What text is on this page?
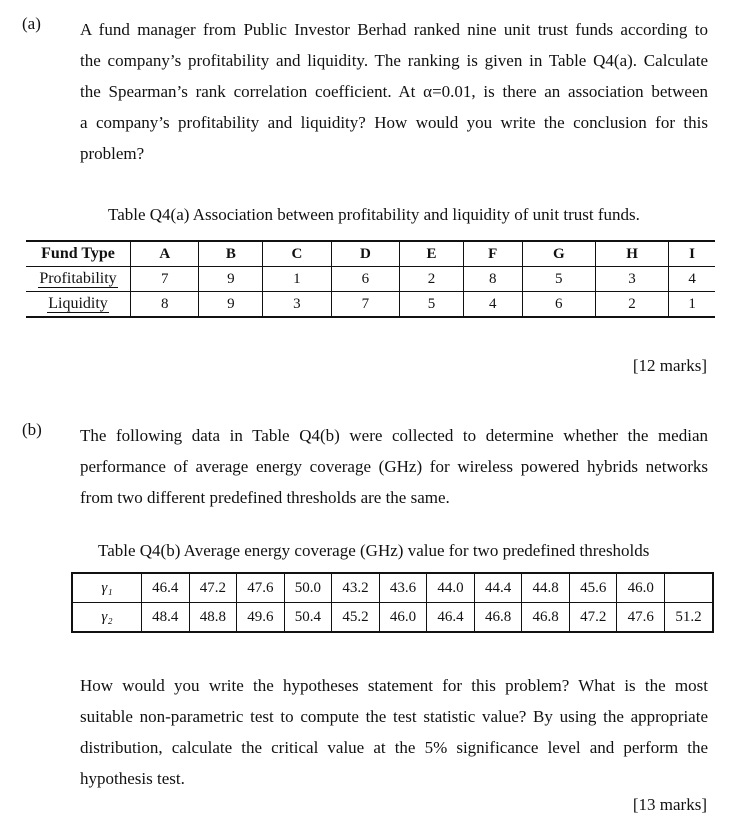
(a) A fund manager from Public Investor Berhad ranked nine unit trust funds according to
the company’s profitability and liquidity. The ranking is given in Table Q4(a). Calculate
the Spearman’s rank correlation coefficient. At α=0.01, is there an association between
a company’s profitability and liquidity? How would you write the conclusion for this
problem?
Table Q4(a) Association between profitability and liquidity of unit trust funds.
Fund Type	A	B	C	D	E	F	G	H	I
Profitability	7	9	1	6	2	8	5	3	4
Liquidity	8	9	3	7	5	4	6	2	1
[12 marks]
(b) The following data in Table Q4(b) were collected to determine whether the median
performance of average energy coverage (GHz) for wireless powered hybrids networks
from two different predefined thresholds are the same.
Table Q4(b) Average energy coverage (GHz) value for two predefined thresholds
γ₁	46.4	47.2	47.6	50.0	43.2	43.6	44.0	44.4	44.8	45.6	46.0	
γ₂	48.4	48.8	49.6	50.4	45.2	46.0	46.4	46.8	46.8	47.2	47.6	51.2
How would you write the hypotheses statement for this problem? What is the most
suitable non-parametric test to compute the test statistic value? By using the appropriate
distribution, calculate the critical value at the 5% significance level and perform the
hypothesis test.
[13 marks]
